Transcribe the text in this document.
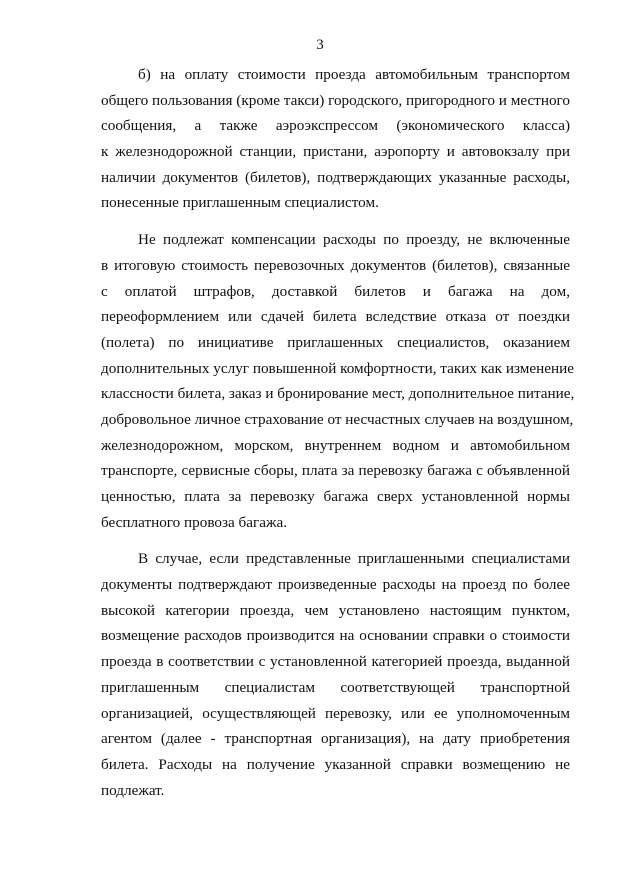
3

б) на оплату стоимости проезда автомобильным транспортом
общего пользования (кроме такси) городского, пригородного и местного
сообщения, а также аэроэкспрессом (экономического класса)
к железнодорожной станции, пристани, аэропорту и автовокзалу при
наличии документов (билетов), подтверждающих указанные расходы,
понесенные приглашенным специалистом.

Не подлежат компенсации расходы по проезду, не включенные
в итоговую стоимость перевозочных документов (билетов), связанные
с оплатой штрафов, доставкой билетов и багажа на дом,
переоформлением или сдачей билета вследствие отказа от поездки
(полета) по инициативе приглашенных специалистов, оказанием
дополнительных услуг повышенной комфортности, таких как изменение
классности билета, заказ и бронирование мест, дополнительное питание,
добровольное личное страхование от несчастных случаев на воздушном,
железнодорожном, морском, внутреннем водном и автомобильном
транспорте, сервисные сборы, плата за перевозку багажа с объявленной
ценностью, плата за перевозку багажа сверх установленной нормы
бесплатного провоза багажа.

В случае, если представленные приглашенными специалистами
документы подтверждают произведенные расходы на проезд по более
высокой категории проезда, чем установлено настоящим пунктом,
возмещение расходов производится на основании справки о стоимости
проезда в соответствии с установленной категорией проезда, выданной
приглашенным специалистам соответствующей транспортной
организацией, осуществляющей перевозку, или ее уполномоченным
агентом (далее - транспортная организация), на дату приобретения
билета. Расходы на получение указанной справки возмещению не
подлежат.
